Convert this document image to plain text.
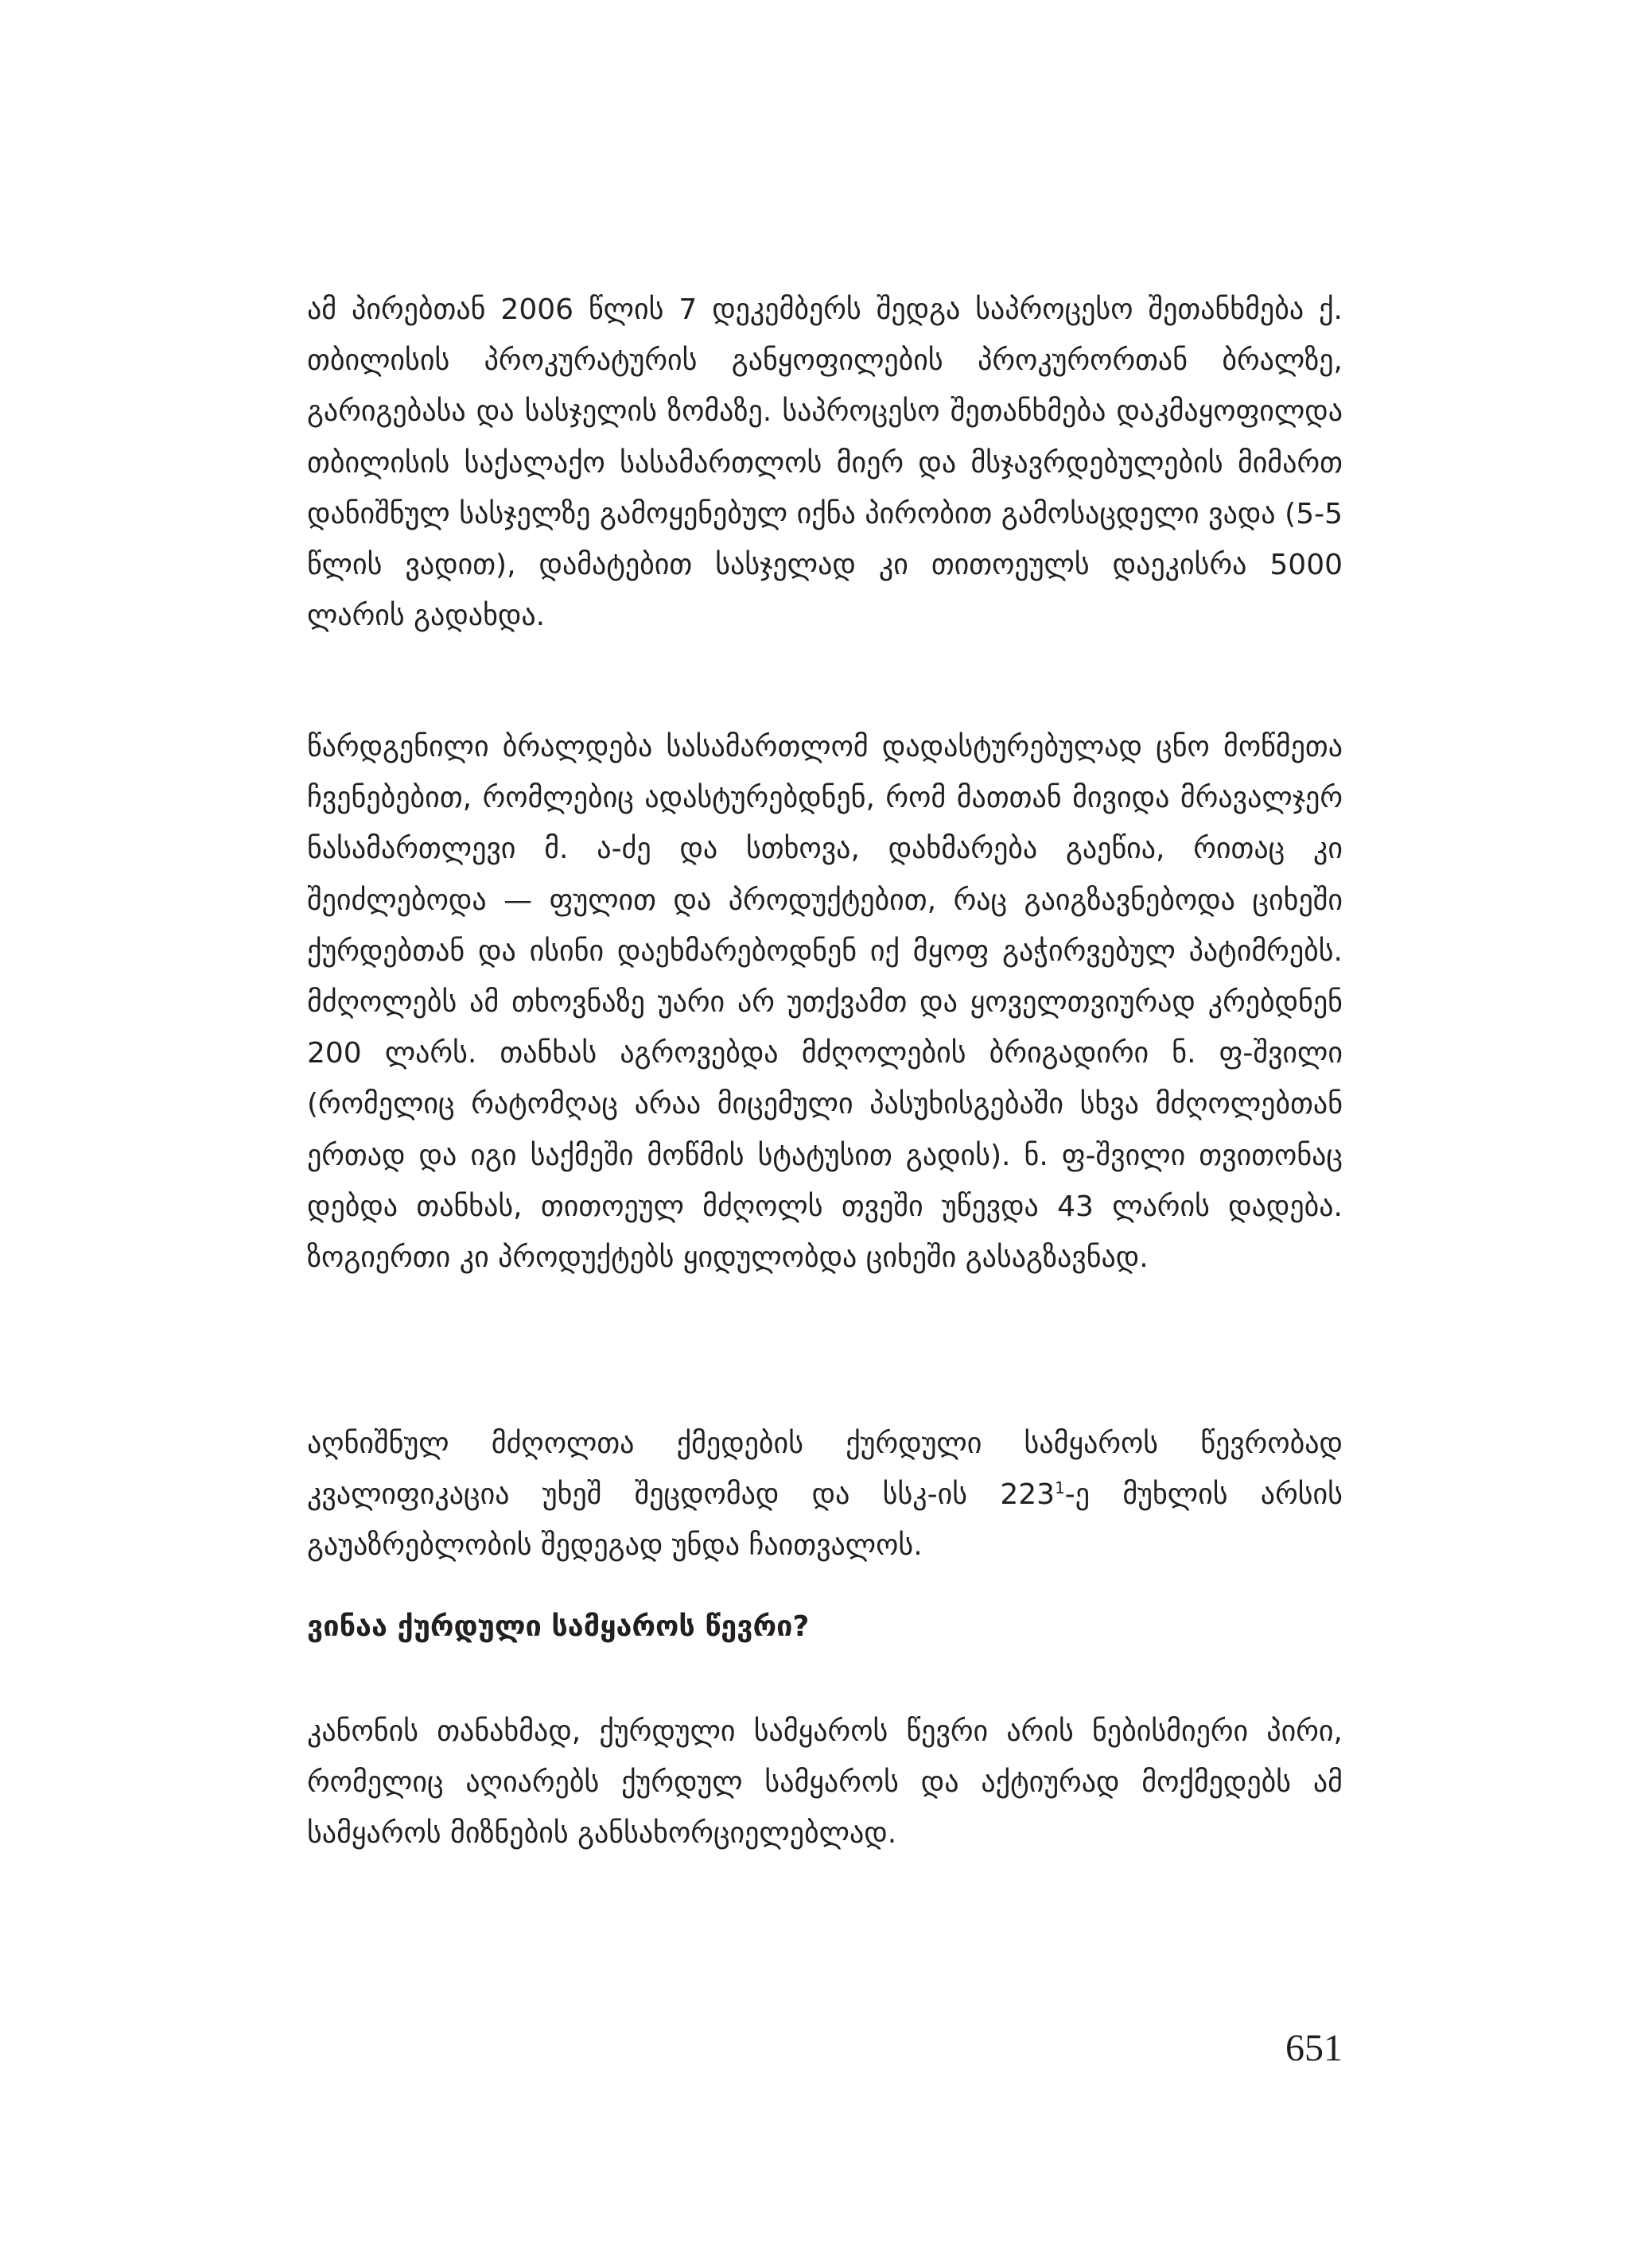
ამ პირებთან 2006 წლის 7 დეკემბერს შედგა საპროცესო შეთანხმება ქ. თბილისის პროკურატურის განყოფილების პროკურორთან ბრალზე, გარიგებასა და სასჯელის ზომაზე. საპროცესო შეთანხმება დაკმაყოფილდა თბილისის საქალაქო სასამართლოს მიერ და მსჯავრდებულების მიმართ დანიშნულ სასჯელზე გამოყენებულ იქნა პირობით გამოსაცდელი ვადა (5-5 წლის ვადით), დამატებით სასჯელად კი თითოეულს დაეკისრა 5000 ლარის გადახდა.

წარდგენილი ბრალდება სასამართლომ დადასტურებულად ცნო მოწმეთა ჩვენებებით, რომლებიც ადასტურებდნენ, რომ მათთან მივიდა მრავალჯერ ნასამართლევი მ. ა-ძე და სთხოვა, დახმარება გაეწია, რითაც კი შეიძლებოდა — ფულით და პროდუქტებით, რაც გაიგზავნებოდა ციხეში ქურდებთან და ისინი დაეხმარებოდნენ იქ მყოფ გაჭირვებულ პატიმრებს. მძღოლებს ამ თხოვნაზე უარი არ უთქვამთ და ყოველთვიურად კრებდნენ 200 ლარს. თანხას აგროვებდა მძღოლების ბრიგადირი ნ. ფ-შვილი (რომელიც რატომღაც არაა მიცემული პასუხისგებაში სხვა მძღოლებთან ერთად და იგი საქმეში მოწმის სტატუსით გადის). ნ. ფ-შვილი თვითონაც დებდა თანხას, თითოეულ მძღოლს თვეში უწევდა 43 ლარის დადება. ზოგიერთი კი პროდუქტებს ყიდულობდა ციხეში გასაგზავნად.

აღნიშნულ მძღოლთა ქმედების ქურდული სამყაროს წევრობად კვალიფიკაცია უხეშ შეცდომად და სსკ-ის $223^1-ე$ მუხლის არსის გაუაზრებლობის შედეგად უნდა ჩაითვალოს.

ვინაა ქურდული სამყაროს წევრი?

კანონის თანახმად, ქურდული სამყაროს წევრი არის ნებისმიერი პირი, რომელიც აღიარებს ქურდულ სამყაროს და აქტიურად მოქმედებს ამ სამყაროს მიზნების განსახორციელებლად.

651
